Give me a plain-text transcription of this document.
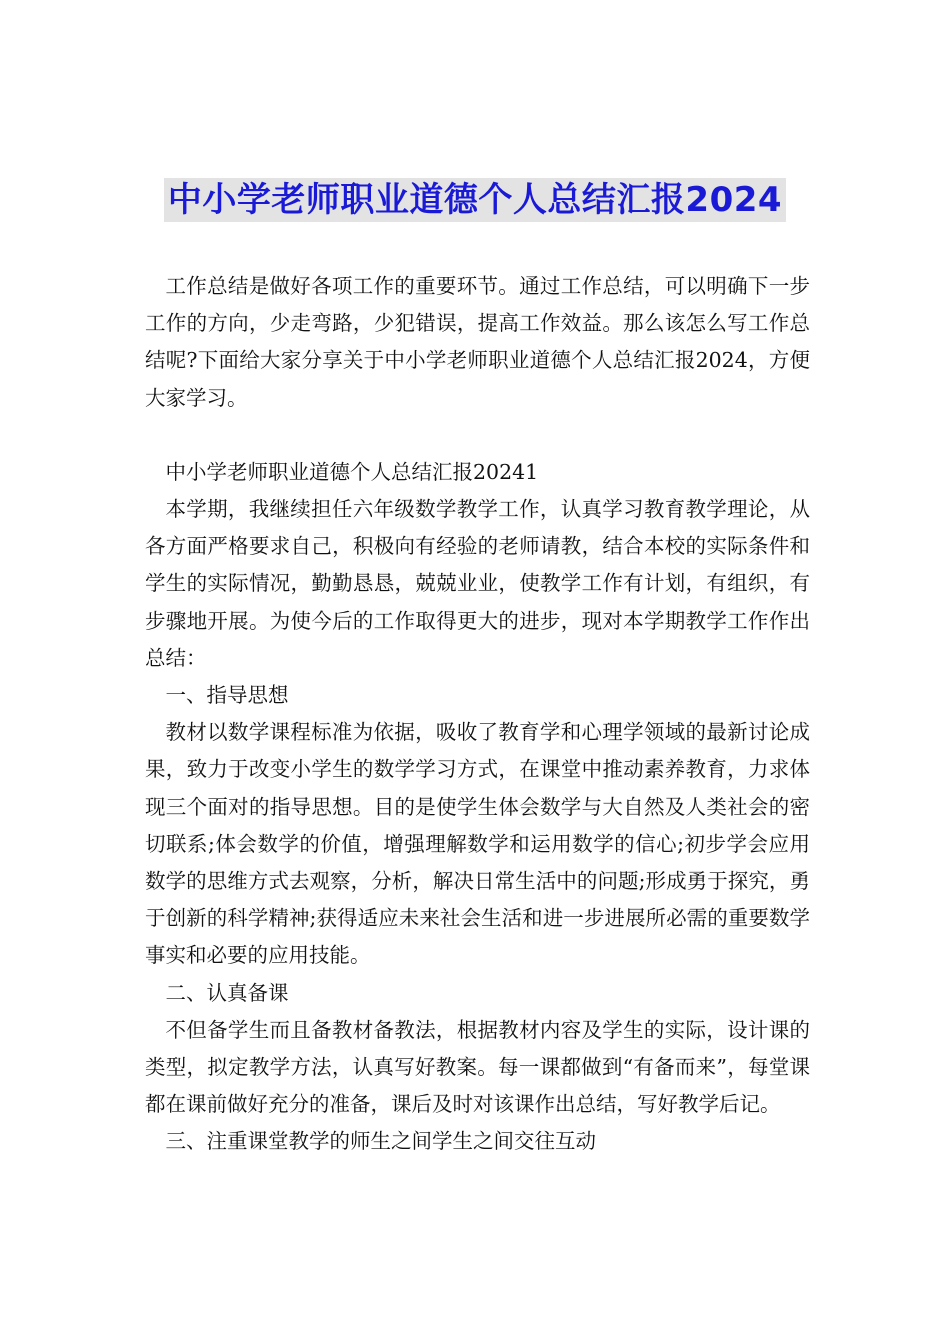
中小学老师职业道德个人总结汇报2024

工作总结是做好各项工作的重要环节。通过工作总结，可以明确下一步工作的方向，少走弯路，少犯错误，提高工作效益。那么该怎么写工作总结呢?下面给大家分享关于中小学老师职业道德个人总结汇报2024，方便大家学习。

中小学老师职业道德个人总结汇报20241

本学期，我继续担任六年级数学教学工作，认真学习教育教学理论，从各方面严格要求自己，积极向有经验的老师请教，结合本校的实际条件和学生的实际情况，勤勤恳恳，兢兢业业，使教学工作有计划，有组织，有步骤地开展。为使今后的工作取得更大的进步，现对本学期教学工作作出总结：

一、指导思想

教材以数学课程标准为依据，吸收了教育学和心理学领域的最新讨论成果，致力于改变小学生的数学学习方式，在课堂中推动素养教育，力求体现三个面对的指导思想。目的是使学生体会数学与大自然及人类社会的密切联系;体会数学的价值，增强理解数学和运用数学的信心;初步学会应用数学的思维方式去观察，分析，解决日常生活中的问题;形成勇于探究，勇于创新的科学精神;获得适应未来社会生活和进一步进展所必需的重要数学事实和必要的应用技能。

二、认真备课

不但备学生而且备教材备教法，根据教材内容及学生的实际，设计课的类型，拟定教学方法，认真写好教案。每一课都做到“有备而来”，每堂课都在课前做好充分的准备，课后及时对该课作出总结，写好教学后记。

三、注重课堂教学的师生之间学生之间交往互动
